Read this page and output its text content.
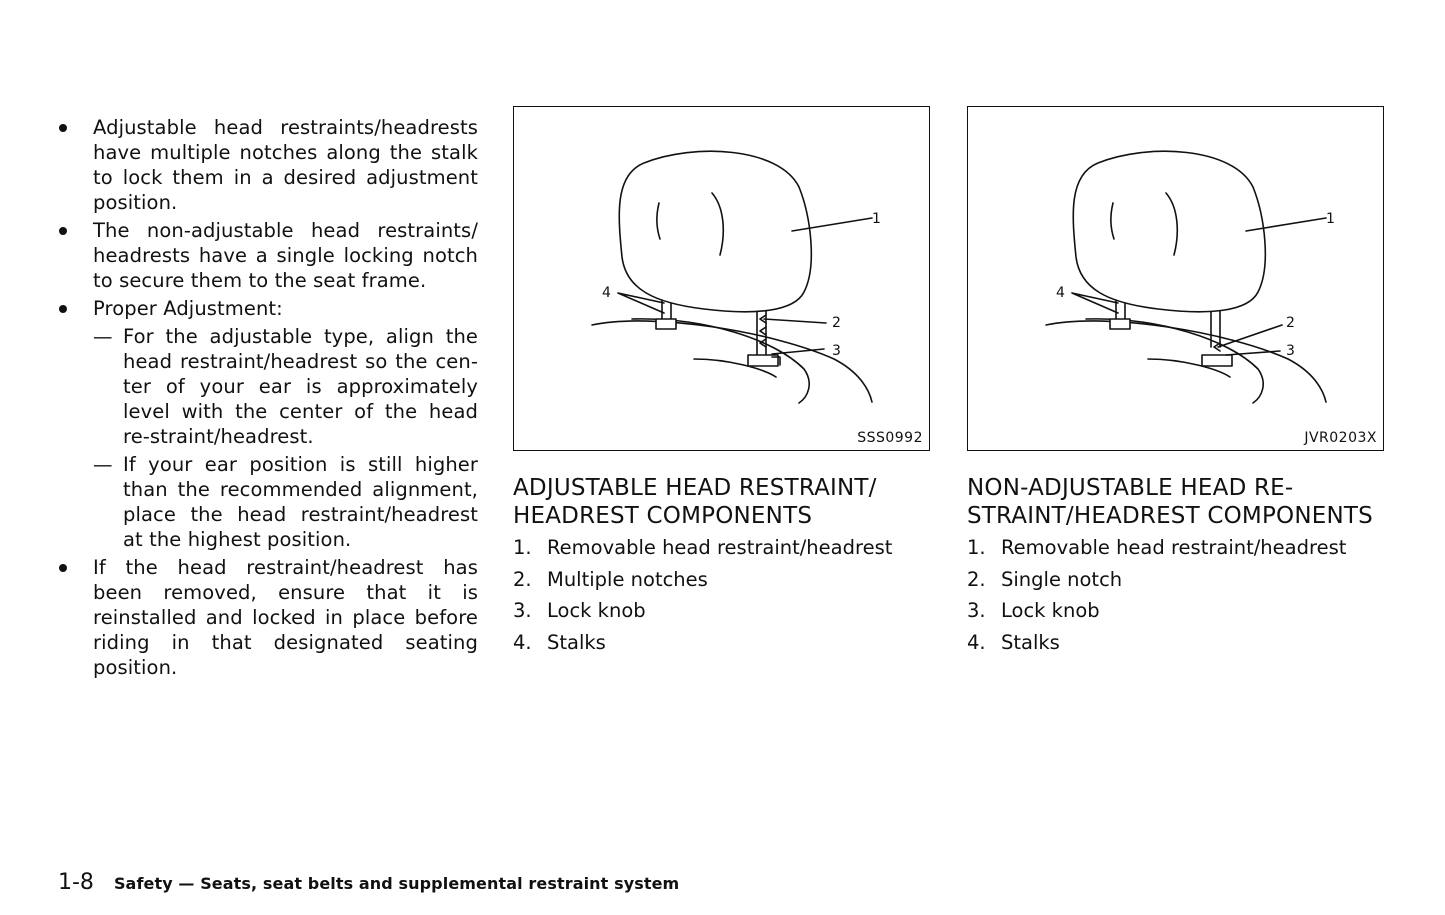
Adjustable head restraints/headrests have multiple notches along the stalk to lock them in a desired adjustment position.
The non-adjustable head restraints/ headrests have a single locking notch to secure them to the seat frame.
Proper Adjustment:
— For the adjustable type, align the head restraint/headrest so the cen-ter of your ear is approximately level with the center of the head re-straint/headrest.
— If your ear position is still higher than the recommended alignment, place the head restraint/headrest at the highest position.
If the head restraint/headrest has been removed, ensure that it is reinstalled and locked in place before riding in that designated seating position.
1
2
3
4
SSS0992
1
2
3
4
JVR0203X
ADJUSTABLE HEAD RESTRAINT/
HEADREST COMPONENTS
1. Removable head restraint/headrest
2. Multiple notches
3. Lock knob
4. Stalks
NON-ADJUSTABLE HEAD RE-
STRAINT/HEADREST COMPONENTS
1. Removable head restraint/headrest
2. Single notch
3. Lock knob
4. Stalks
1-8 Safety — Seats, seat belts and supplemental restraint system
